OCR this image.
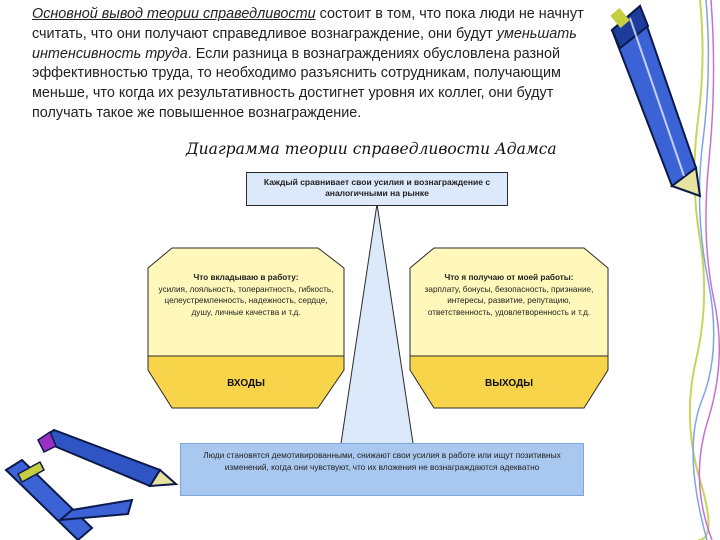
Основной вывод теории справедливости состоит в том, что пока люди не начнут считать, что они получают справедливое вознаграждение, они будут уменьшать интенсивность труда. Если разница в вознаграждениях обусловлена разной эффективностью труда, то необходимо разъяснить сотрудникам, получающим меньше, что когда их результативность достигнет уровня их коллег, они будут получать такое же повышенное вознаграждение.
Диаграмма теории справедливости Адамса
Каждый сравнивает свои усилия и вознаграждение с аналогичными на рынке
Что вкладываю в работу:
усилия, лояльность, толерантность, гибкость, целеустремленность, надежность, сердце, душу, личные качества и т.д.
ВХОДЫ
Что я получаю от моей работы:
зарплату, бонусы, безопасность, признание, интересы, развитие, репутацию, ответственность, удовлетворенность и т.д.
ВЫХОДЫ
Люди становятся демотивированными, снижают свои усилия в работе или ищут позитивных изменений, когда они чувствуют, что их вложения не вознаграждаются адекватно
